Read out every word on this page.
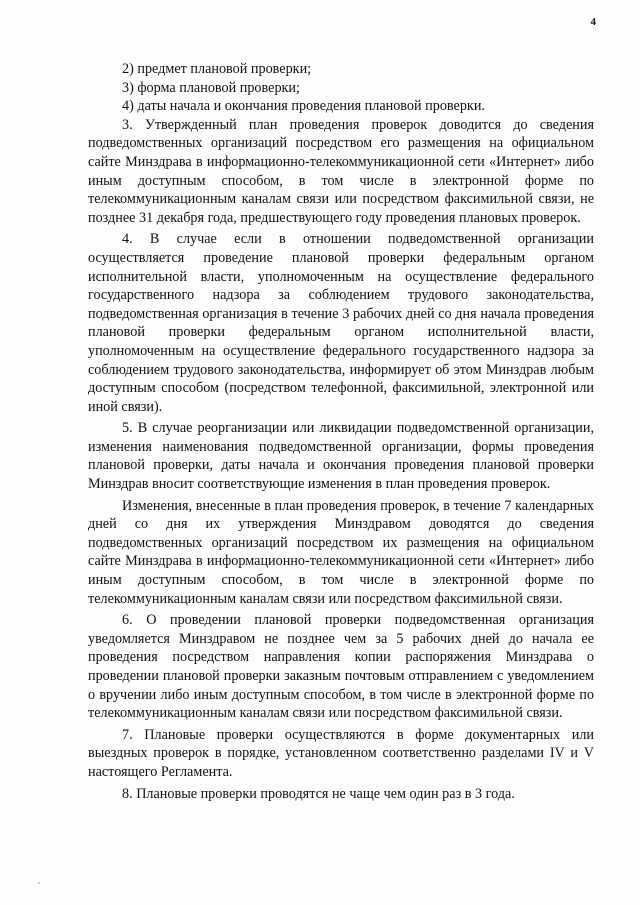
4

2) предмет плановой проверки;

3) форма плановой проверки;

4) даты начала и окончания проведения плановой проверки.

3. Утвержденный план проведения проверок доводится до сведения подведомственных организаций посредством его размещения на официальном сайте Минздрава в информационно-телекоммуникационной сети «Интернет» либо иным доступным способом, в том числе в электронной форме по телекоммуникационным каналам связи или посредством факсимильной связи, не позднее 31 декабря года, предшествующего году проведения плановых проверок.

4. В случае если в отношении подведомственной организации осуществляется проведение плановой проверки федеральным органом исполнительной власти, уполномоченным на осуществление федерального государственного надзора за соблюдением трудового законодательства, подведомственная организация в течение 3 рабочих дней со дня начала проведения плановой проверки федеральным органом исполнительной власти, уполномоченным на осуществление федерального государственного надзора за соблюдением трудового законодательства, информирует об этом Минздрав любым доступным способом (посредством телефонной, факсимильной, электронной или иной связи).

5. В случае реорганизации или ликвидации подведомственной организации, изменения наименования подведомственной организации, формы проведения плановой проверки, даты начала и окончания проведения плановой проверки Минздрав вносит соответствующие изменения в план проведения проверок.

Изменения, внесенные в план проведения проверок, в течение 7 календарных дней со дня их утверждения Минздравом доводятся до сведения подведомственных организаций посредством их размещения на официальном сайте Минздрава в информационно-телекоммуникационной сети «Интернет» либо иным доступным способом, в том числе в электронной форме по телекоммуникационным каналам связи или посредством факсимильной связи.

6. О проведении плановой проверки подведомственная организация уведомляется Минздравом не позднее чем за 5 рабочих дней до начала ее проведения посредством направления копии распоряжения Минздрава о проведении плановой проверки заказным почтовым отправлением с уведомлением о вручении либо иным доступным способом, в том числе в электронной форме по телекоммуникационным каналам связи или посредством факсимильной связи.

7. Плановые проверки осуществляются в форме документарных или выездных проверок в порядке, установленном соответственно разделами IV и V настоящего Регламента.

8. Плановые проверки проводятся не чаще чем один раз в 3 года.
